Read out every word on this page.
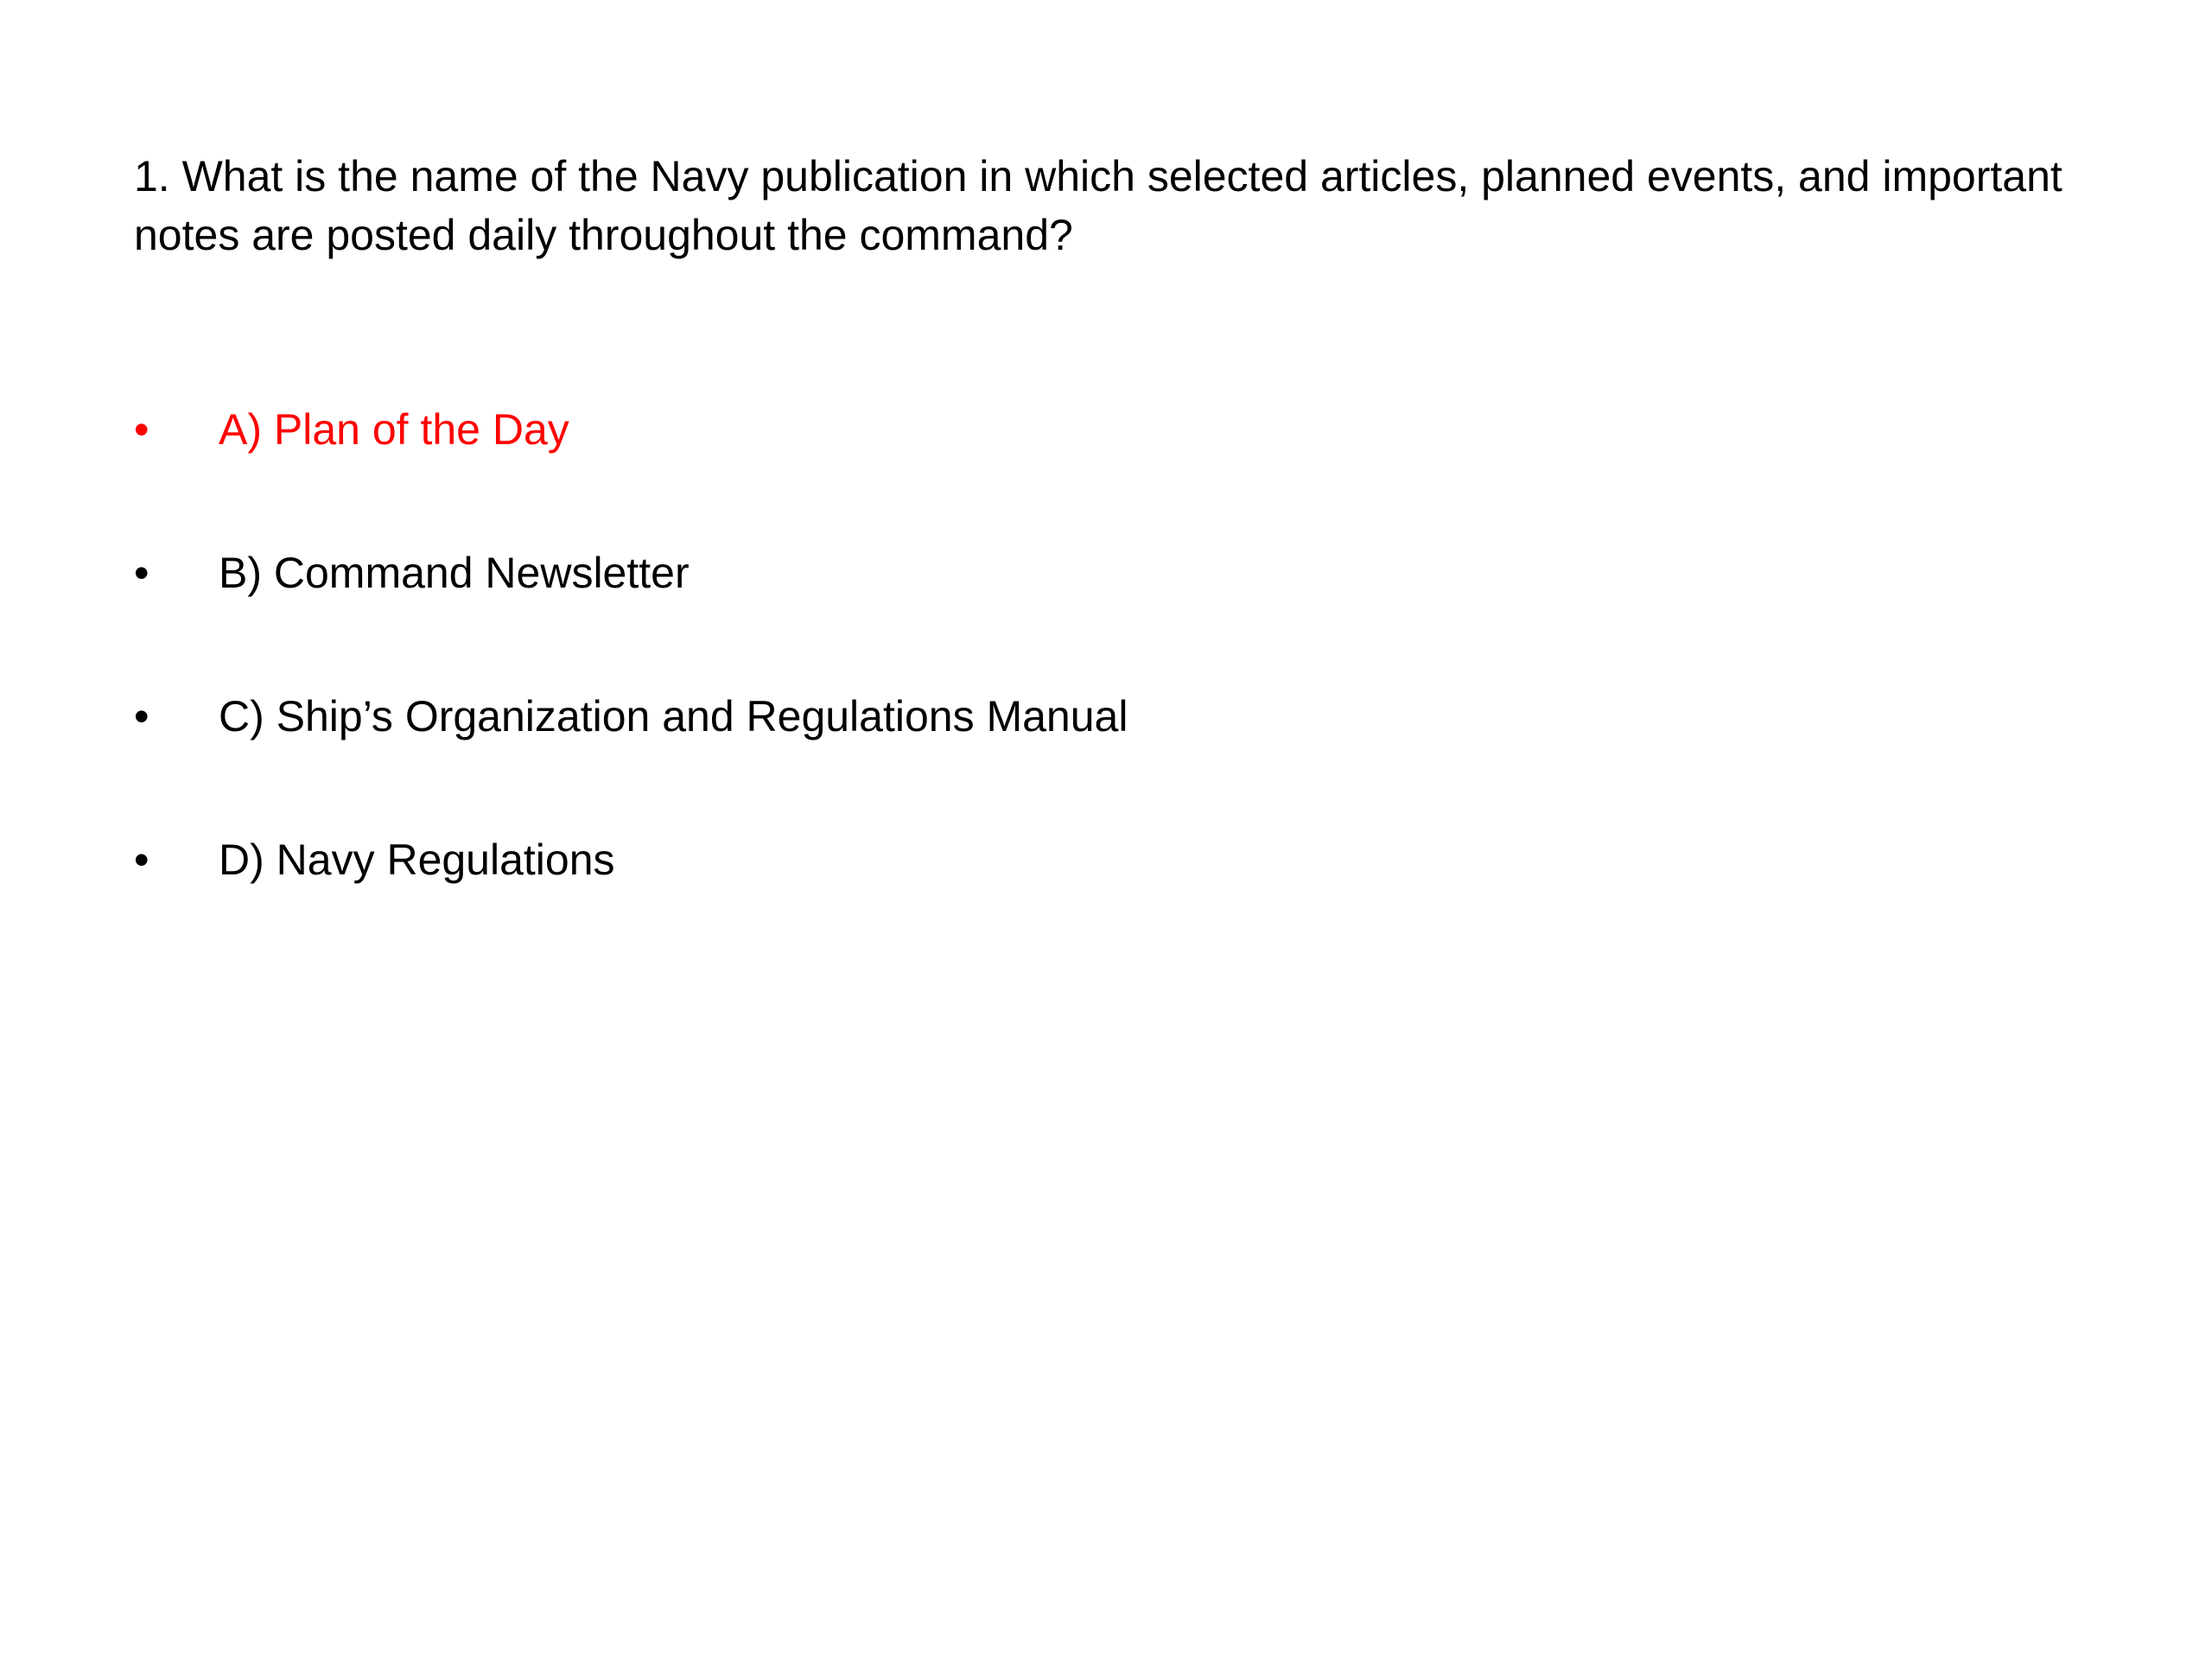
1. What is the name of the Navy publication in which selected articles, planned events, and important notes are posted daily throughout the command?

• A) Plan of the Day
• B) Command Newsletter
• C) Ship’s Organization and Regulations Manual
• D) Navy Regulations
